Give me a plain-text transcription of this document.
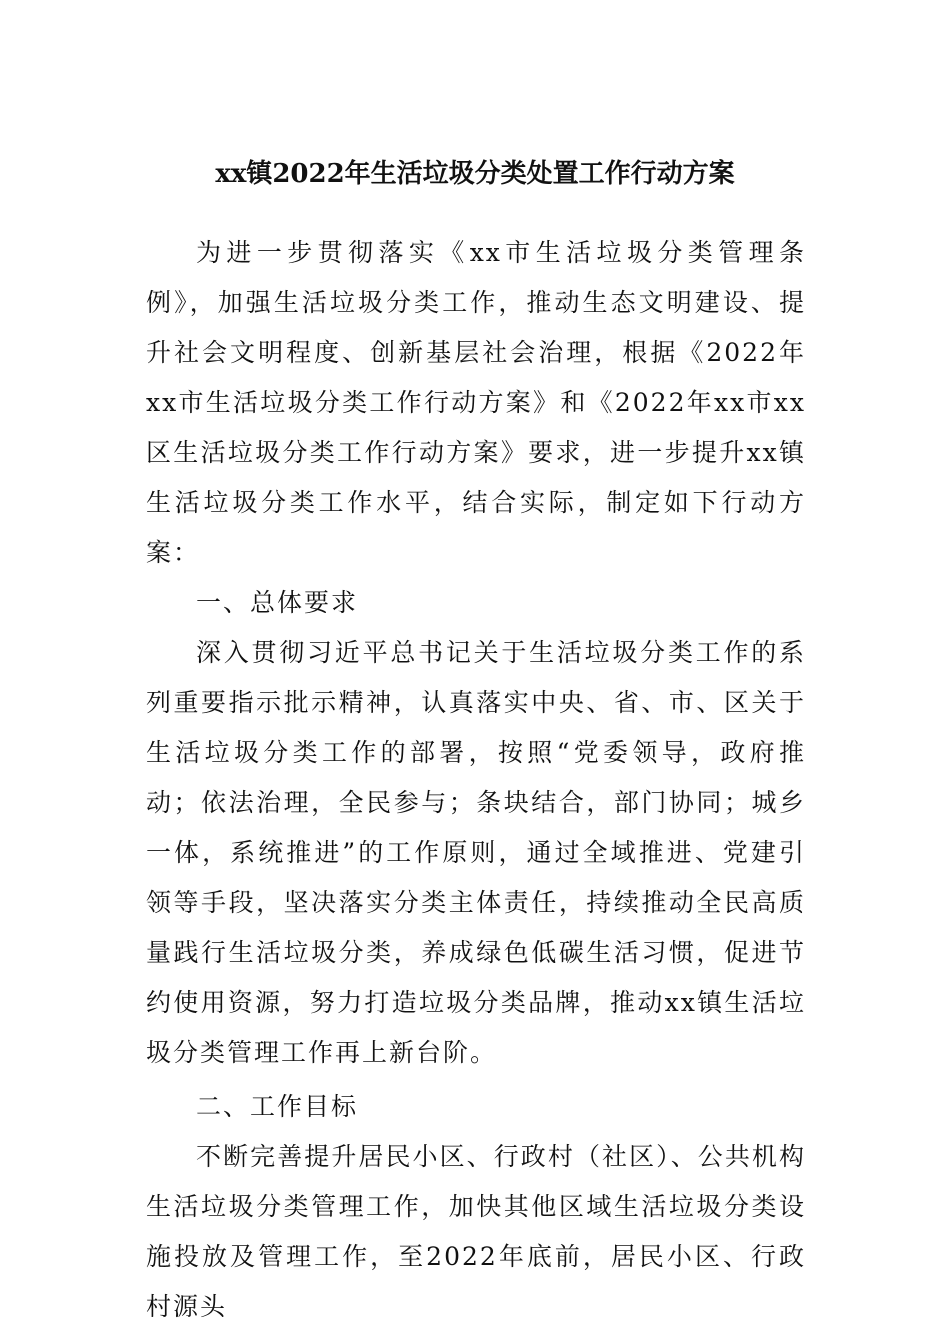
xx镇2022年生活垃圾分类处置工作行动方案

为进一步贯彻落实《xx市生活垃圾分类管理条例》，加强生活垃圾分类工作，推动生态文明建设、提升社会文明程度、创新基层社会治理，根据《2022年xx市生活垃圾分类工作行动方案》和《2022年xx市xx区生活垃圾分类工作行动方案》要求，进一步提升xx镇生活垃圾分类工作水平，结合实际，制定如下行动方案：

一、总体要求

深入贯彻习近平总书记关于生活垃圾分类工作的系列重要指示批示精神，认真落实中央、省、市、区关于生活垃圾分类工作的部署，按照“党委领导，政府推动；依法治理，全民参与；条块结合，部门协同；城乡一体，系统推进”的工作原则，通过全域推进、党建引领等手段，坚决落实分类主体责任，持续推动全民高质量践行生活垃圾分类，养成绿色低碳生活习惯，促进节约使用资源，努力打造垃圾分类品牌，推动xx镇生活垃圾分类管理工作再上新台阶。

二、工作目标

不断完善提升居民小区、行政村（社区）、公共机构生活垃圾分类管理工作，加快其他区域生活垃圾分类设施投放及管理工作，至2022年底前，居民小区、行政村源头
